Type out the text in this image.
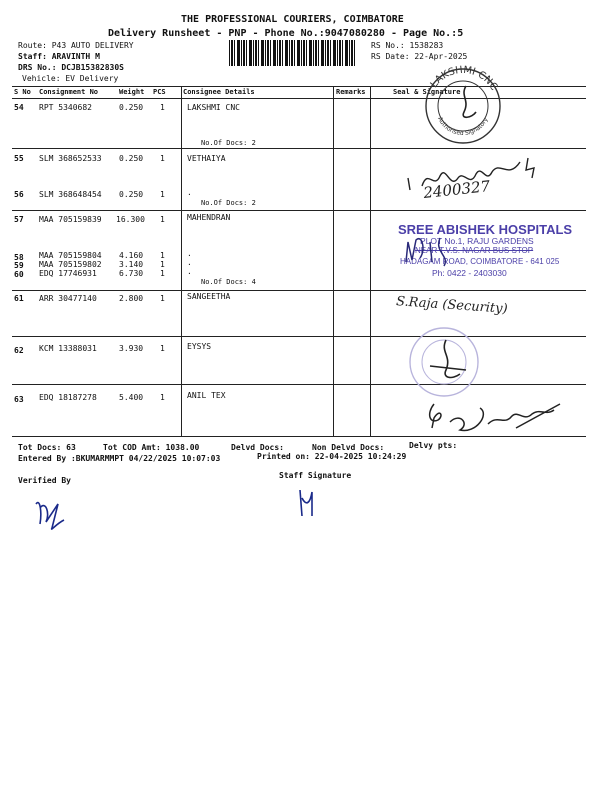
THE PROFESSIONAL COURIERS, COIMBATORE
Delivery Runsheet - PNP - Phone No.:9047080280 - Page No.:5
Route: P43 AUTO DELIVERY
Staff: ARAVINTH M
DRS No.: DCJB15382830S
Vehicle: EV Delivery
RS No.: 1538283
RS Date: 22-Apr-2025
S No Consignment No	Weight PCS Consignee Details	Remarks	Seal & Signature
54 RPT 5340682	0.250 1	LAKSHMI CNC
No.Of Docs: 2
55 SLM 368652533 0.250 1	VETHAIYA
56 SLM 368648454 0.250 1	.
No.Of Docs: 2
57 MAA 705159839 16.300 1	MAHENDRAN
58 MAA 705159804 4.160 1	.
59 MAA 705159802 3.140 1	.
60 EDQ 17746931	6.730 1	.
No.Of Docs: 4
61 ARR 30477140	2.800 1	SANGEETHA
62 KCM 13388031	3.930 1	EYSYS
63 EDQ 18187278	5.400 1	ANIL TEX
LAKSHMI CNC
Authorised Signatory
2400327
SREE ABISHEK HOSPITALS
PLOT No.1, RAJU GARDENS
NEAR T.V.S. NAGAR BUS STOP
HADAGAM ROAD, COIMBATORE - 641 025
Ph: 0422 - 2403030
S.Raja (Security)
Tot Docs: 63	Tot COD Amt: 1038.00	Delvd Docs:	Non Delvd Docs:	Delvy pts:
Entered By :BKUMARMMPT 04/22/2025 10:07:03	Printed on: 22-04-2025 10:24:29
Verified By
Staff Signature
